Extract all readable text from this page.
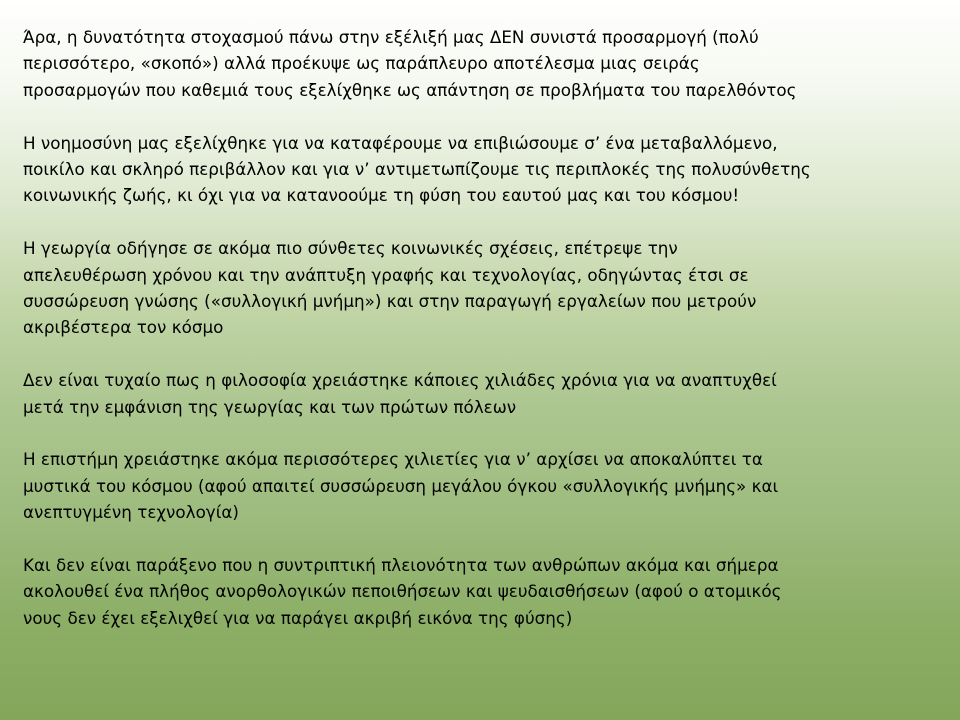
Άρα, η δυνατότητα στοχασμού πάνω στην εξέλιξή μας ΔΕΝ συνιστά προσαρμογή (πολύ
περισσότερο, «σκοπό») αλλά προέκυψε ως παράπλευρο αποτέλεσμα μιας σειράς
προσαρμογών που καθεμιά τους εξελίχθηκε ως απάντηση σε προβλήματα του παρελθόντος

Η νοημοσύνη μας εξελίχθηκε για να καταφέρουμε να επιβιώσουμε σ’ ένα μεταβαλλόμενο,
ποικίλο και σκληρό περιβάλλον και για ν’ αντιμετωπίζουμε τις περιπλοκές της πολυσύνθετης
κοινωνικής ζωής, κι όχι για να κατανοούμε τη φύση του εαυτού μας και του κόσμου!

Η γεωργία οδήγησε σε ακόμα πιο σύνθετες κοινωνικές σχέσεις, επέτρεψε την
απελευθέρωση χρόνου και την ανάπτυξη γραφής και τεχνολογίας, οδηγώντας έτσι σε
συσσώρευση γνώσης («συλλογική μνήμη») και στην παραγωγή εργαλείων που μετρούν
ακριβέστερα τον κόσμο

Δεν είναι τυχαίο πως η φιλοσοφία χρειάστηκε κάποιες χιλιάδες χρόνια για να αναπτυχθεί
μετά την εμφάνιση της γεωργίας και των πρώτων πόλεων

Η επιστήμη χρειάστηκε ακόμα περισσότερες χιλιετίες για ν’ αρχίσει να αποκαλύπτει τα
μυστικά του κόσμου (αφού απαιτεί συσσώρευση μεγάλου όγκου «συλλογικής μνήμης» και
ανεπτυγμένη τεχνολογία)

Και δεν είναι παράξενο που η συντριπτική πλειονότητα των ανθρώπων ακόμα και σήμερα
ακολουθεί ένα πλήθος ανορθολογικών πεποιθήσεων και ψευδαισθήσεων (αφού ο ατομικός
νους δεν έχει εξελιχθεί για να παράγει ακριβή εικόνα της φύσης)
